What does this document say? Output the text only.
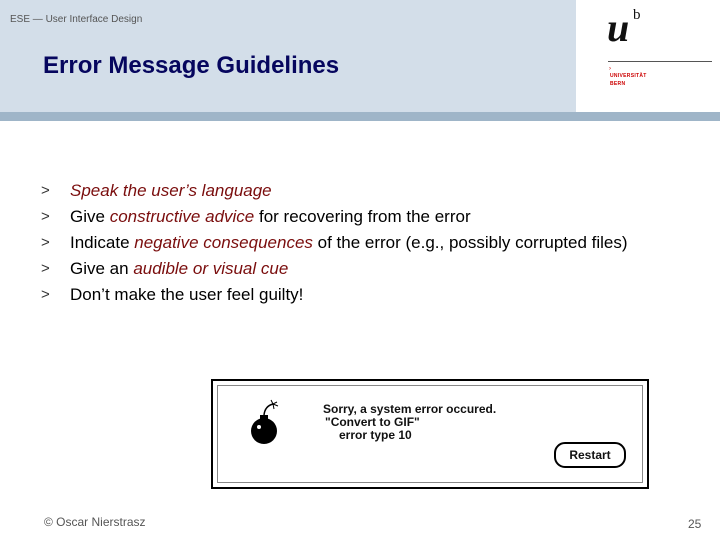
ESE — User Interface Design
Error Message Guidelines
u b
›
UNIVERSITÄT
BERN
> Speak the user’s language
> Give constructive advice for recovering from the error
> Indicate negative consequences of the error (e.g., possibly corrupted files)
> Give an audible or visual cue
> Don’t make the user feel guilty!
Sorry, a system error occured.
"Convert to GIF"
error type 10
Restart
© Oscar Nierstrasz	25
